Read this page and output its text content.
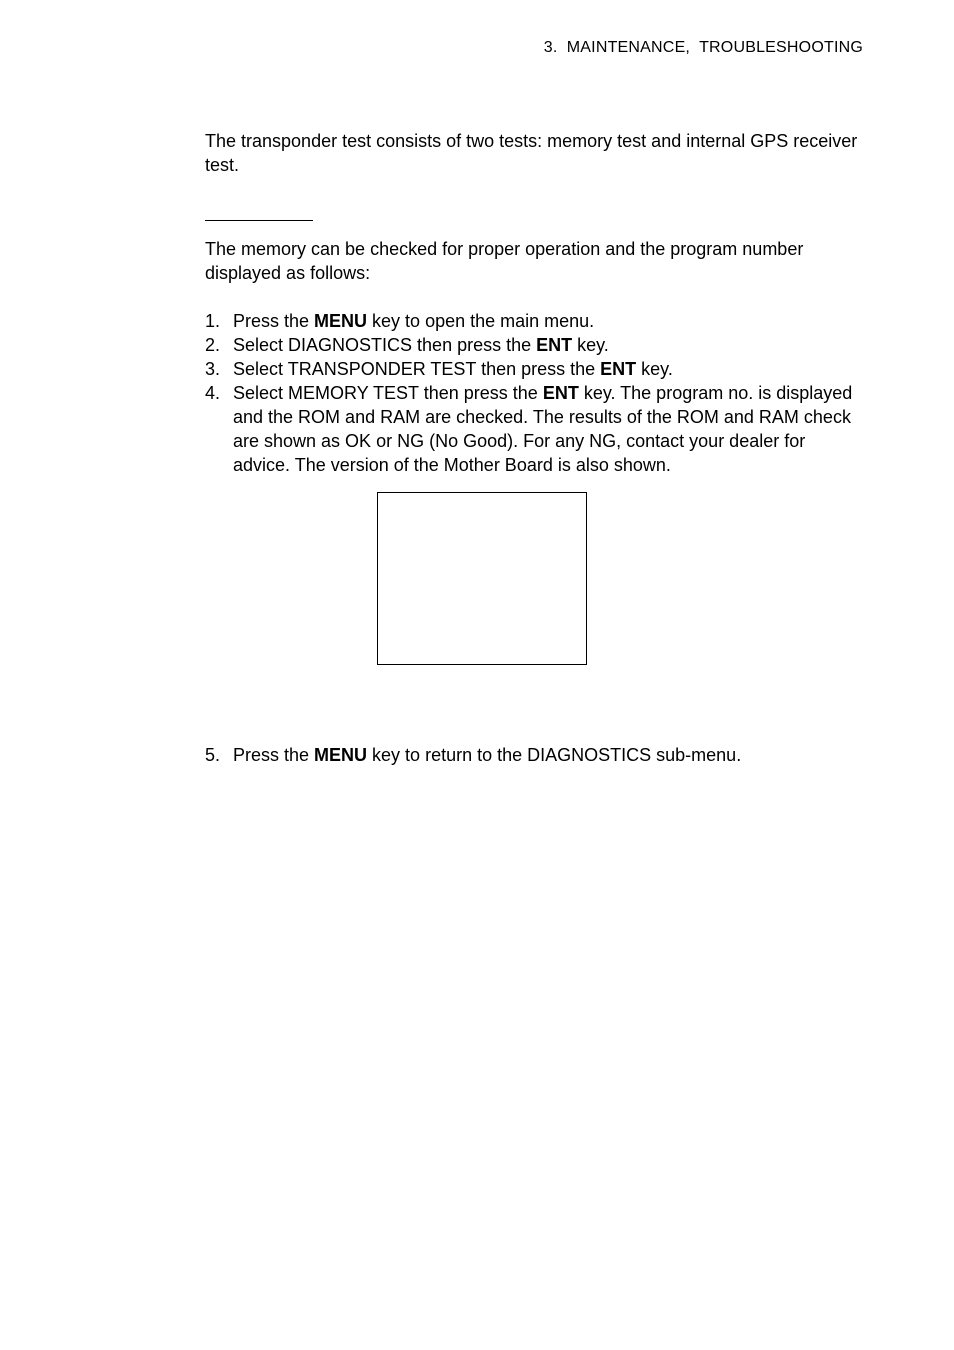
3.  MAINTENANCE,  TROUBLESHOOTING
The transponder test consists of two tests: memory test and internal GPS receiver test.
The memory can be checked for proper operation and the program number displayed as follows:
1. Press the MENU key to open the main menu.
2. Select DIAGNOSTICS then press the ENT key.
3. Select TRANSPONDER TEST then press the ENT key.
4. Select MEMORY TEST then press the ENT key. The program no. is displayed and the ROM and RAM are checked. The results of the ROM and RAM check are shown as OK or NG (No Good). For any NG, contact your dealer for advice. The version of the Mother Board is also shown.
5. Press the MENU key to return to the DIAGNOSTICS sub-menu.
